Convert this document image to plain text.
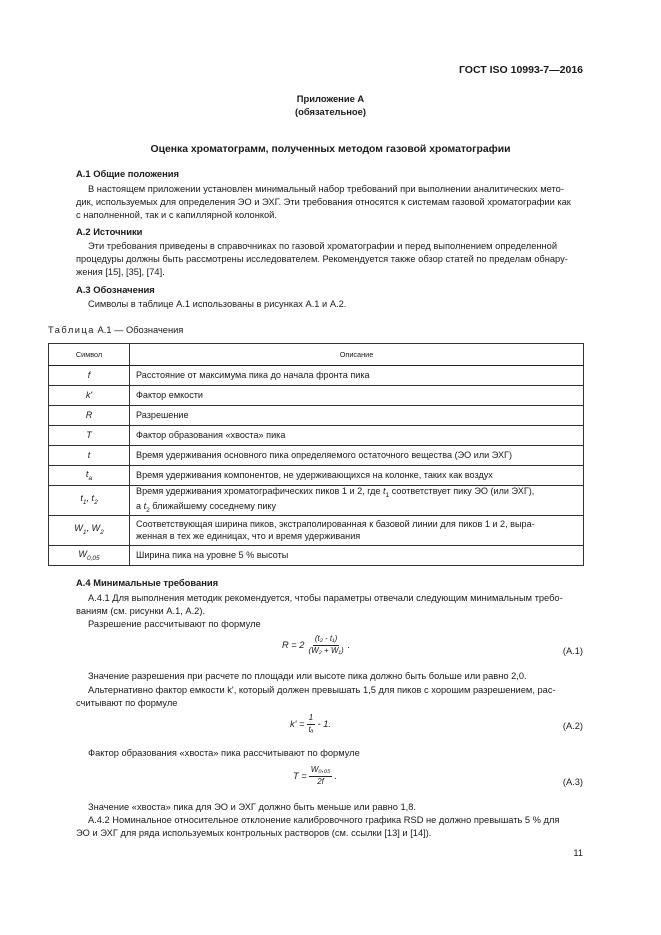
ГОСТ ISO 10993-7—2016
Приложение А
(обязательное)
Оценка хроматограмм, полученных методом газовой хроматографии
А.1 Общие положения
В настоящем приложении установлен минимальный набор требований при выполнении аналитических мето-
дик, используемых для определения ЭО и ЭХГ. Эти требования относятся к системам газовой хроматографии как
с наполненной, так и с капиллярной колонкой.
А.2 Источники
Эти требования приведены в справочниках по газовой хроматографии и перед выполнением определенной
процедуры должны быть рассмотрены исследователем. Рекомендуется также обзор статей по пределам обнару-
жения [15], [35], [74].
А.3 Обозначения
Символы в таблице А.1 использованы в рисунках А.1 и А.2.
Таблица А.1 — Обозначения
Символ	Описание
f	Расстояние от максимума пика до начала фронта пика
k'	Фактор емкости
R	Разрешение
T	Фактор образования «хвоста» пика
t	Время удерживания основного пика определяемого остаточного вещества (ЭО или ЭХГ)
$t_a$	Время удерживания компонентов, не удерживающихся на колонке, таких как воздух
$t_1$, $t_2$	Время удерживания хроматографических пиков 1 и 2, где $t_1$ соответствует пику ЭО (или ЭХГ),
а $t_2$ ближайшему соседнему пику

$W_1$, $W_2$	Соответствующая ширина пиков, экстраполированная к базовой линии для пиков 1 и 2, выра-
женная в тех же единицах, что и время удерживания

$W_{0,05}$	Ширина пика на уровне 5 % высоты
А.4 Минимальные требования
А.4.1 Для выполнения методик рекомендуется, чтобы параметры отвечали следующим минимальным требо-
ваниям (см. рисунки А.1, А.2).
Разрешение рассчитывают по формуле
$R = 2 \frac{\text{(t₂ - t₁)}}{\text{(W₂ + W₁)}}$ .
(А.1)
Значение разрешения при расчете по площади или высоте пика должно быть больше или равно 2,0.
Альтернативно фактор емкости k', который должен превышать 1,5 для пиков с хорошим разрешением, рас-
считывают по формуле
$k' = \frac{1}{\text{tₐ}} - 1$.	(А.2)
Фактор образования «хвоста» пика рассчитывают по формуле
$T = \frac{\text{W₀,₀₅}}{2f}$ .
(А.3)
Значение «хвоста» пика для ЭО и ЭХГ должно быть меньше или равно 1,8.
А.4.2 Номинальное относительное отклонение калибровочного графика RSD не должно превышать 5 % для
ЭО и ЭХГ для ряда используемых контрольных растворов (см. ссылки [13] и [14]).
11
